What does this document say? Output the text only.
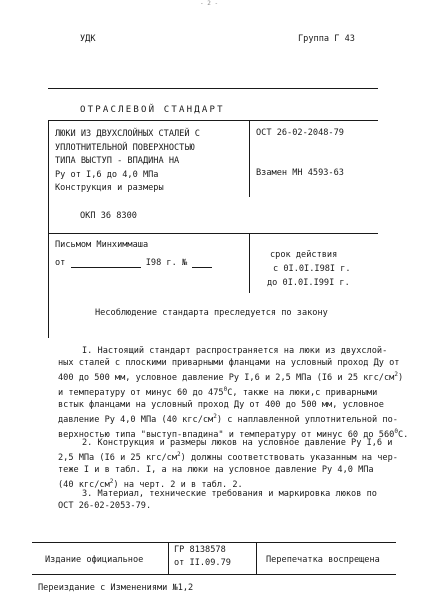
- 2 -
УДК	Группа Г 43
ОТРАСЛЕВОЙ СТАНДАРТ
ЛЮКИ ИЗ ДВУХСЛОЙНЫХ СТАЛЕЙ С
УПЛОТНИТЕЛЬНОЙ ПОВЕРХНОСТЬЮ
ТИПА ВЫСТУП - ВПАДИНА НА
Ру от I,6 до 4,0 МПа
Конструкция и размеры
ОСТ 26-02-2048-79
Взамен МН 4593-63
ОКП 36 8300
Письмом Минхиммаша
от	I98 г. №
срок действия
с 0I.0I.I98I г.
до 0I.0I.I99I г.
Несоблюдение стандарта преследуется по закону
I. Настоящий стандарт распространяется на люки из двухслой-
ных сталей с плоскими приварными фланцами на условный проход Ду от
400 до 500 мм, условное давление Ру I,6 и 2,5 МПа (I6 и 25 кгс/$см^2$)
и температуру от минус 60 до $475^0C$, также на люки,с приварными
встык фланцами на условный проход Ду от 400 до 500 мм, условное
давление Ру 4,0 МПа (40 кгс/$см^2$) с наплавленной уплотнительной по-
верхностью типа "выступ-впадина" и температуру от минус 60 до $560^0C$.
2. Конструкция и размеры люков на условное давление Ру I,6 и
2,5 МПа (I6 и 25 кгс/$см^2$) должны соответствовать указанным на чер-
теже I и в табл. I, а на люки на условное давление Ру 4,0 МПа
(40 кгс/$см^2$) на черт. 2 и в табл. 2.
3. Материал, технические требования и маркировка люков по
ОСТ 26-02-2053-79.
Издание официальное
ГР 8138578
от II.09.79	Перепечатка воспрещена
Переиздание с Изменениями №1,2
